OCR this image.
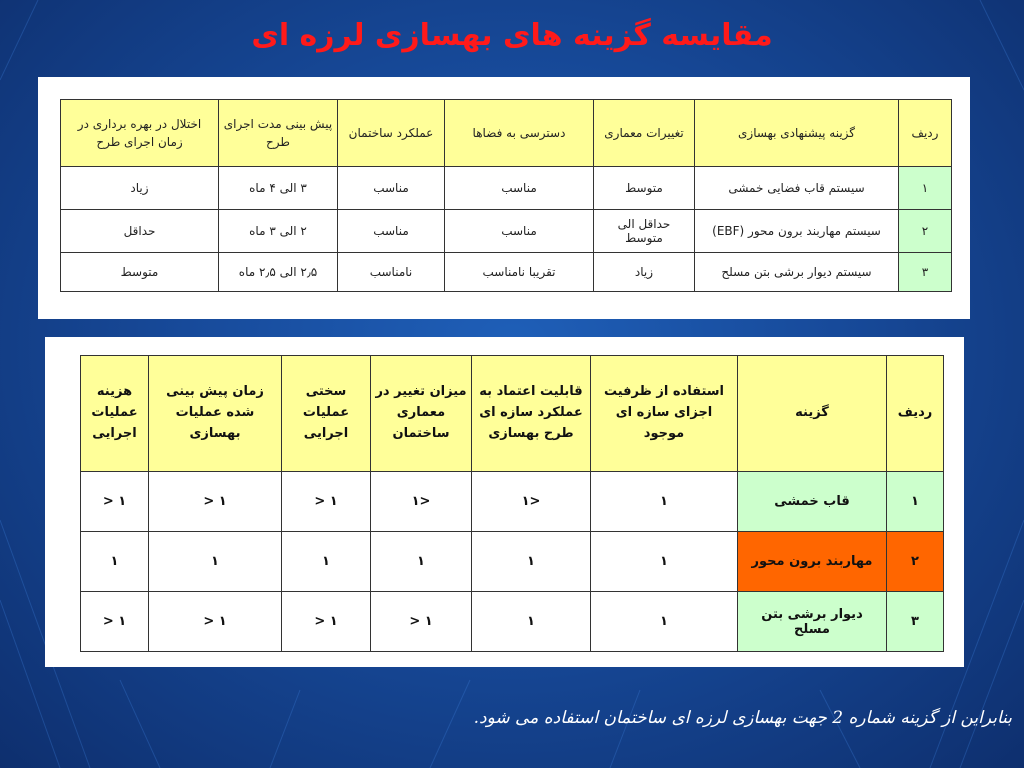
مقایسه گزینه های بهسازی لرزه ای
ردیف	گزینه پیشنهادی بهسازی	تغییرات معماری	دسترسی به فضاها	عملکرد ساختمان	پیش بینی مدت اجرای طرح	اختلال در بهره برداری در زمان اجرای طرح
۱	سیستم قاب فضایی خمشی	متوسط	مناسب	مناسب	۳ الی ۴ ماه	زیاد
۲	سیستم مهاربند برون محور (EBF)	حداقل الی متوسط	مناسب	مناسب	۲ الی ۳ ماه	حداقل
۳	سیستم دیوار برشی بتن مسلح	زیاد	تقریبا نامناسب	نامناسب	۲٫۵ الی ۲٫۵ ماه	متوسط
ردیف	گزینه	استفاده از ظرفیت اجزای سازه ای موجود	قابلیت اعتماد به عملکرد سازه ای طرح بهسازی	میزان تغییر در معماری ساختمان	سختی عملیات اجرایی	زمان پیش بینی شده عملیات بهسازی	هزینه عملیات اجرایی
۱	قاب خمشی	۱	<۱	<۱	۱ <	۱ <	۱ <
۲	مهاربند برون محور	۱	۱	۱	۱	۱	۱
۳	دیوار برشی بتن مسلح	۱	۱	۱ <	۱ <	۱ <	۱ <
بنابراین از گزینه شماره 2 جهت بهسازی لرزه ای ساختمان استفاده می شود.
